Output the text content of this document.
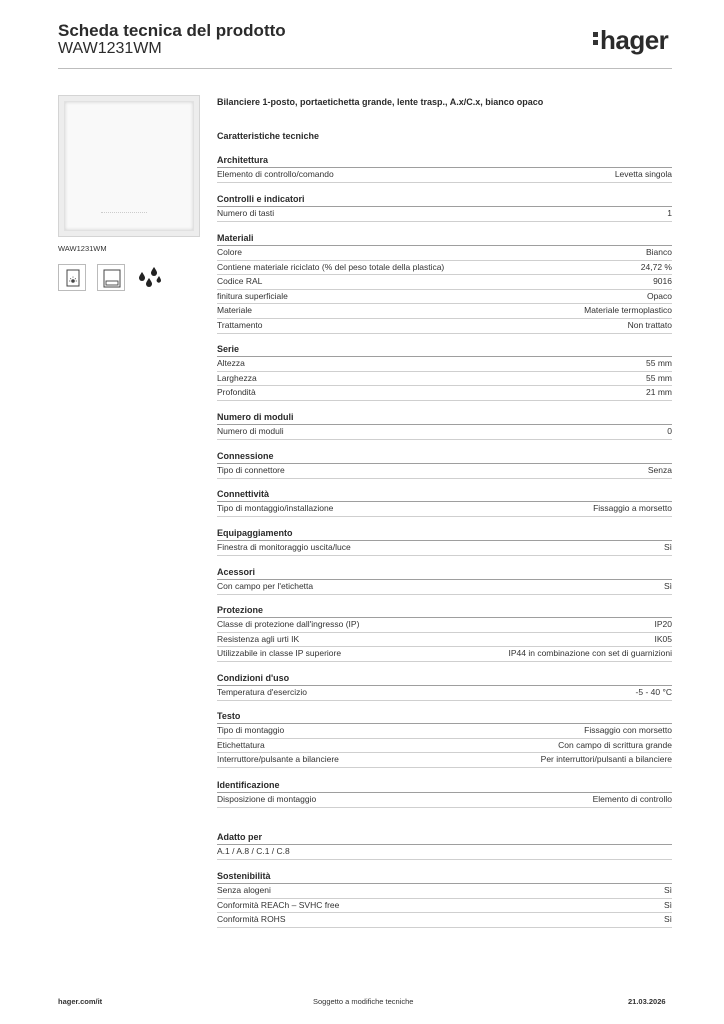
Scheda tecnica del prodotto
WAW1231WM	hager
WAW1231WM
Bilanciere 1-posto, portaetichetta grande, lente trasp., A.x/C.x, bianco opaco
Caratteristiche tecniche
Architettura
Elemento di controllo/comando	Levetta singola
Controlli e indicatori
Numero di tasti	1
Materiali
Colore	Bianco
Contiene materiale riciclato (% del peso totale della plastica)	24,72 %
Codice RAL	9016
finitura superficiale	Opaco
Materiale	Materiale termoplastico
Trattamento	Non trattato
Serie
Altezza	55 mm
Larghezza	55 mm
Profondità	21 mm
Numero di moduli
Numero di moduli	0
Connessione
Tipo di connettore	Senza
Connettività
Tipo di montaggio/installazione	Fissaggio a morsetto
Equipaggiamento
Finestra di monitoraggio uscita/luce	Sì
Acessori
Con campo per l'etichetta	Sì
Protezione
Classe di protezione dall'ingresso (IP)	IP20
Resistenza agli urti IK	IK05
Utilizzabile in classe IP superiore	IP44 in combinazione con set di guarnizioni
Condizioni d'uso
Temperatura d'esercizio	-5 - 40 °C
Testo
Tipo di montaggio	Fissaggio con morsetto
Etichettatura	Con campo di scrittura grande
Interruttore/pulsante a bilanciere	Per interruttori/pulsanti a bilanciere
Identificazione
Disposizione di montaggio	Elemento di controllo
Adatto per
A.1 / A.8 / C.1 / C.8
Sostenibilità
Senza alogeni	Sì
Conformità REACh – SVHC free	Sì
Conformità ROHS	Sì
hager.com/it	Soggetto a modifiche tecniche	21.03.2026
